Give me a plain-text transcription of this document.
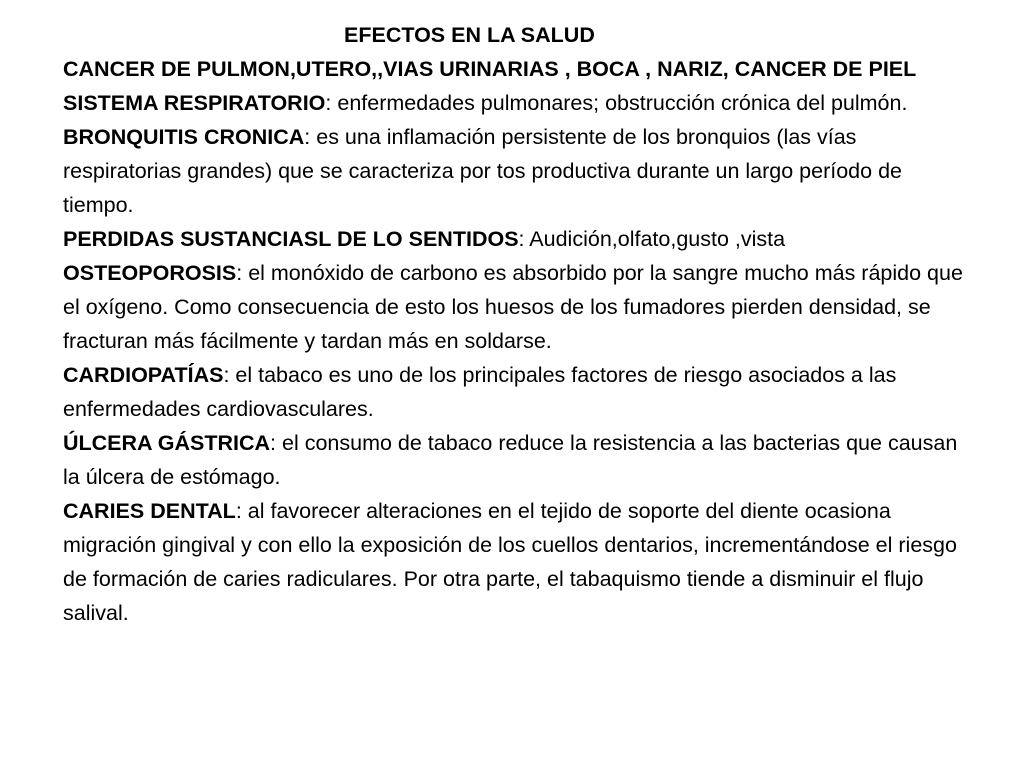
EFECTOS EN LA SALUD

CANCER DE PULMON,UTERO,,VIAS URINARIAS , BOCA , NARIZ, CANCER DE PIEL

SISTEMA RESPIRATORIO: enfermedades pulmonares; obstrucción crónica del pulmón.

BRONQUITIS CRONICA: es una inflamación persistente de los bronquios (las vías respiratorias grandes) que se caracteriza por tos productiva durante un largo período de tiempo.

PERDIDAS SUSTANCIASL DE LO SENTIDOS: Audición,olfato,gusto ,vista

OSTEOPOROSIS: el monóxido de carbono es absorbido por la sangre mucho más rápido que el oxígeno. Como consecuencia de esto los huesos de los fumadores pierden densidad, se fracturan más fácilmente y tardan más en soldarse.

CARDIOPATÍAS: el tabaco es uno de los principales factores de riesgo asociados a las enfermedades cardiovasculares.

ÚLCERA GÁSTRICA: el consumo de tabaco reduce la resistencia a las bacterias que causan la úlcera de estómago.

CARIES DENTAL: al favorecer alteraciones en el tejido de soporte del diente ocasiona migración gingival y con ello la exposición de los cuellos dentarios, incrementándose el riesgo de formación de caries radiculares. Por otra parte, el tabaquismo tiende a disminuir el flujo salival.
